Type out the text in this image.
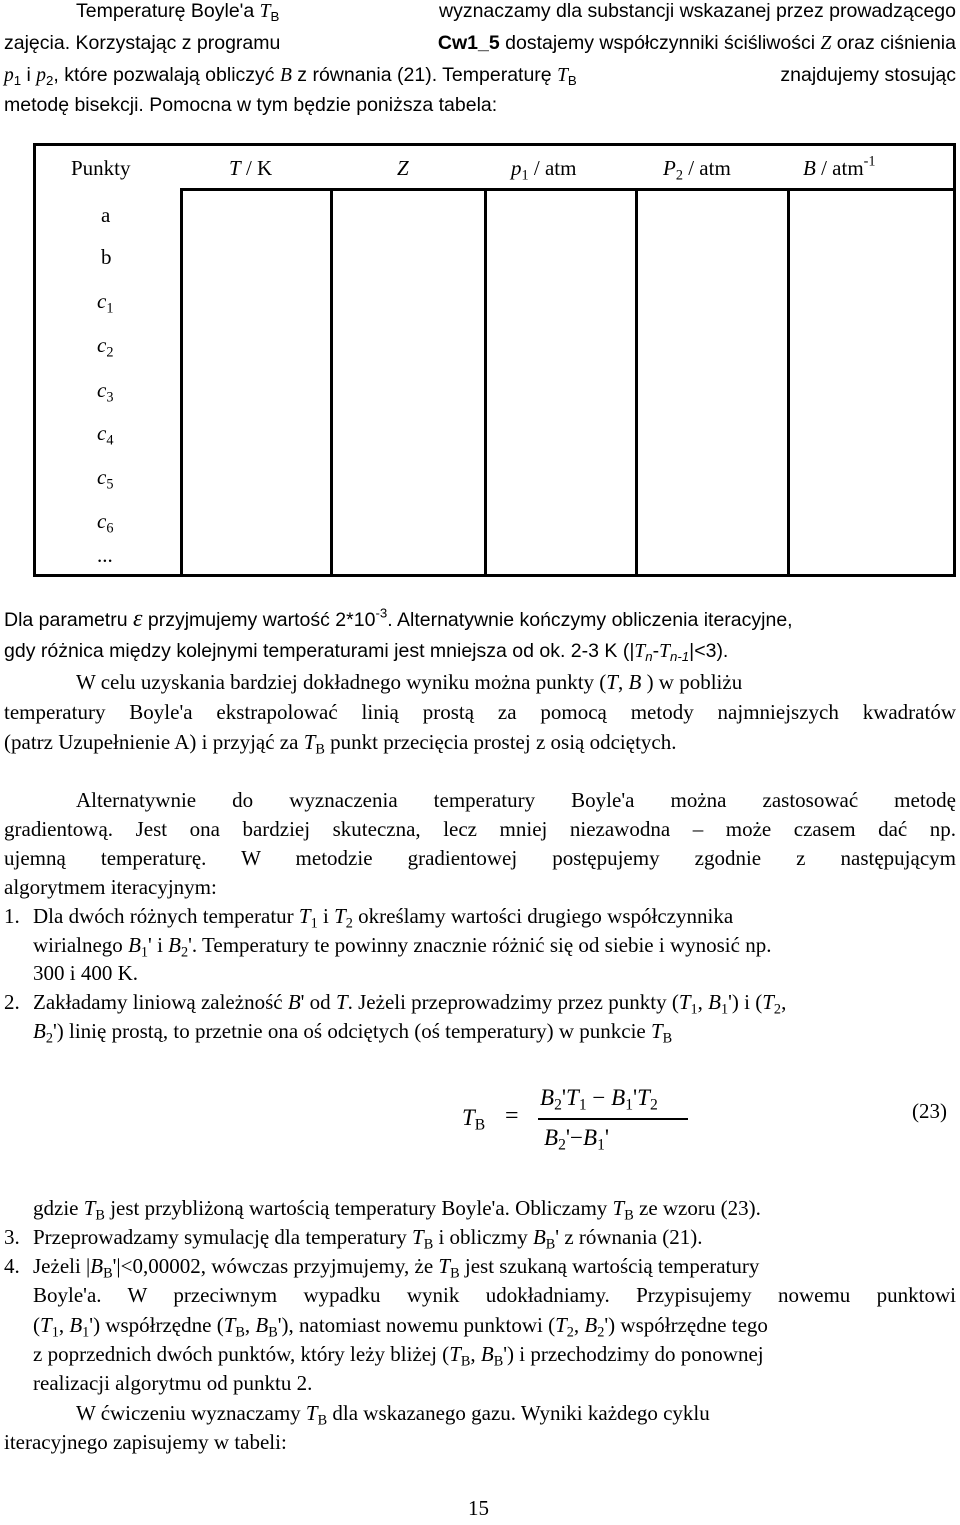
Temperaturę Boyle'a $T_B$	wyznaczamy dla substancji wskazanej przez prowadzącego
zajęcia. Korzystając z programu	Cw1_5 dostajemy współczynniki ściśliwości Z oraz ciśnienia
$p_1$ i $p_2$, które pozwalają obliczyć B z równania (21). Temperaturę $T_B$	znajdujemy stosując
metodę bisekcji. Pomocna w tym będzie poniższa tabela:
Punkty	T / K	Z	$p_1$ / atm	$P_2$ / atm	B / atm$^{-1}$
a
b
$c_1$
$c_2$
$c_3$
$c_4$
$c_5$
$c_6$
...
Dla parametru ε przyjmujemy wartość $2*10^{-3}$. Alternatywnie kończymy obliczenia iteracyjne,
gdy różnica między kolejnymi temperaturami jest mniejsza od ok. 2-3 K $(|T_n-T_{n-1}|<3)$.
W celu uzyskania bardziej dokładnego wyniku można punkty (T, B ) w pobliżu
temperatury Boyle'a ekstrapolować linią prostą za pomocą metody najmniejszych kwadratów
(patrz Uzupełnienie A) i przyjąć za $T_B$ punkt przecięcia prostej z osią odciętych.
Alternatywnie do wyznaczenia temperatury Boyle'a można zastosować metodę
gradientową. Jest ona bardziej skuteczna, lecz mniej niezawodna – może czasem dać np.
ujemną temperaturę. W metodzie gradientowej postępujemy zgodnie z następującym
algorytmem iteracyjnym:
1. Dla dwóch różnych temperatur $T_1$ i $T_2$ określamy wartości drugiego współczynnika
wirialnego $B_1'$ i $B_2'$. Temperatury te powinny znacznie różnić się od siebie i wynosić np.
300 i 400 K.
2. Zakładamy liniową zależność B' od T. Jeżeli przeprowadzimy przez punkty ($T_1$, $B_1'$) i ($T_2$,
$B_2'$) linię prostą, to przetnie ona oś odciętych (oś temperatury) w punkcie $T_B$
$T_B$ =
$B_2'T_1 - B_1'T_2$
$B_2'-B_1'$
(23)
gdzie $T_B$ jest przybliżoną wartością temperatury Boyle'a. Obliczamy $T_B$ ze wzoru (23).
3. Przeprowadzamy symulację dla temperatury $T_B$ i obliczmy $B_B'$ z równania (21).
4. Jeżeli $|B_B'|<0,00002$, wówczas przyjmujemy, że $T_B$ jest szukaną wartością temperatury
Boyle'a. W przeciwnym wypadku wynik udokładniamy. Przypisujemy nowemu punktowi
($T_1$, $B_1'$) współrzędne ($T_B$, $B_B'$), natomiast nowemu punktowi ($T_2$, $B_2'$) współrzędne tego
z poprzednich dwóch punktów, który leży bliżej ($T_B$, $B_B'$) i przechodzimy do ponownej
realizacji algorytmu od punktu 2.
W ćwiczeniu wyznaczamy $T_B$ dla wskazanego gazu. Wyniki każdego cyklu
iteracyjnego zapisujemy w tabeli:
15
